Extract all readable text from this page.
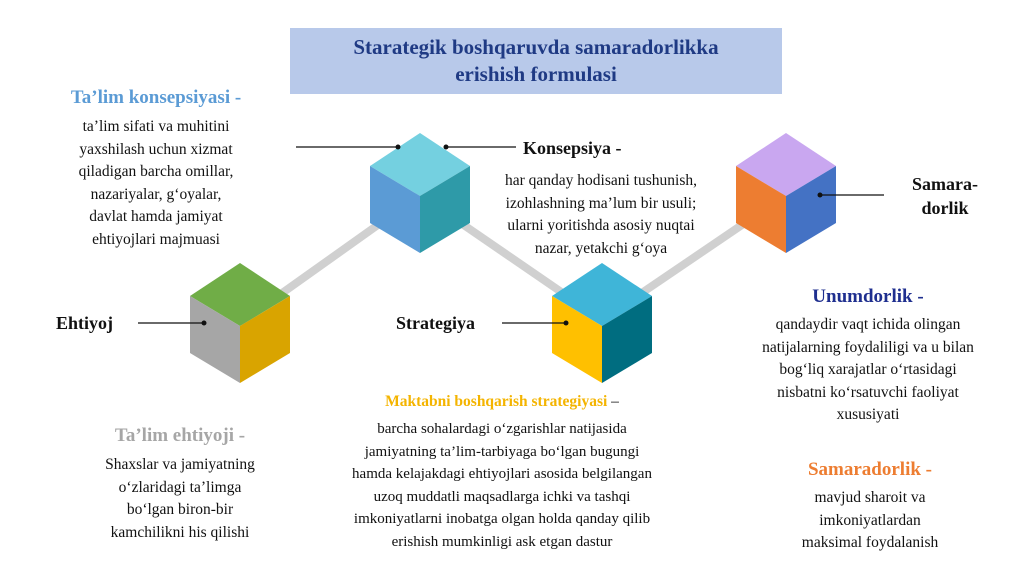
Starategik boshqaruvda samaradorlikka
erishish formulasi
Ta’lim konsepsiyasi -
ta’lim sifati va muhitini
yaxshilash uchun xizmat
qiladigan barcha omillar,
nazariyalar, g‘oyalar,
davlat hamda jamiyat
ehtiyojlari majmuasi
Konsepsiya -
har qanday hodisani tushunish,
izohlashning ma’lum bir usuli;
ularni yoritishda asosiy nuqtai
nazar, yetakchi g‘oya
Ehtiyoj	Strategiya
Samara-
dorlik
Unumdorlik -
qandaydir vaqt ichida olingan
natijalarning foydaliligi va u bilan
bog‘liq xarajatlar o‘rtasidagi
nisbatni ko‘rsatuvchi faoliyat
xususiyati
Ta’lim ehtiyoji -
Shaxslar va jamiyatning
o‘zlaridagi ta’limga
bo‘lgan biron-bir
kamchilikni his qilishi
Maktabni boshqarish strategiyasi –
barcha sohalardagi o‘zgarishlar natijasida
jamiyatning ta’lim-tarbiyaga bo‘lgan bugungi
hamda kelajakdagi ehtiyojlari asosida belgilangan
uzoq muddatli maqsadlarga ichki va tashqi
imkoniyatlarni inobatga olgan holda qanday qilib
erishish mumkinligi ask etgan dastur
Samaradorlik -
mavjud sharoit va
imkoniyatlardan
maksimal foydalanish
